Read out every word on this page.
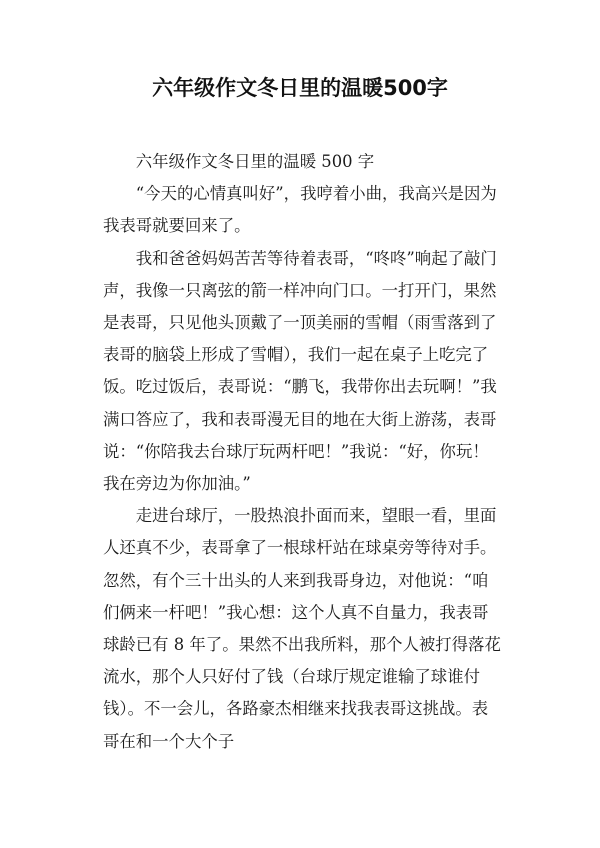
六年级作文冬日里的温暖500字

六年级作文冬日里的温暖 500 字

“今天的心情真叫好”，我哼着小曲，我高兴是因为我表哥就要回来了。

我和爸爸妈妈苦苦等待着表哥，“咚咚”响起了敲门声，我像一只离弦的箭一样冲向门口。一打开门，果然是表哥，只见他头顶戴了一顶美丽的雪帽（雨雪落到了表哥的脑袋上形成了雪帽），我们一起在桌子上吃完了饭。吃过饭后，表哥说：“鹏飞，我带你出去玩啊！”我满口答应了，我和表哥漫无目的地在大街上游荡，表哥说：“你陪我去台球厅玩两杆吧！”我说：“好，你玩！我在旁边为你加油。”

走进台球厅，一股热浪扑面而来，望眼一看，里面人还真不少，表哥拿了一根球杆站在球桌旁等待对手。忽然，有个三十出头的人来到我哥身边，对他说：“咱们俩来一杆吧！”我心想：这个人真不自量力，我表哥球龄已有 8 年了。果然不出我所料，那个人被打得落花流水，那个人只好付了钱（台球厅规定谁输了球谁付钱）。不一会儿，各路豪杰相继来找我表哥这挑战。表哥在和一个大个子
